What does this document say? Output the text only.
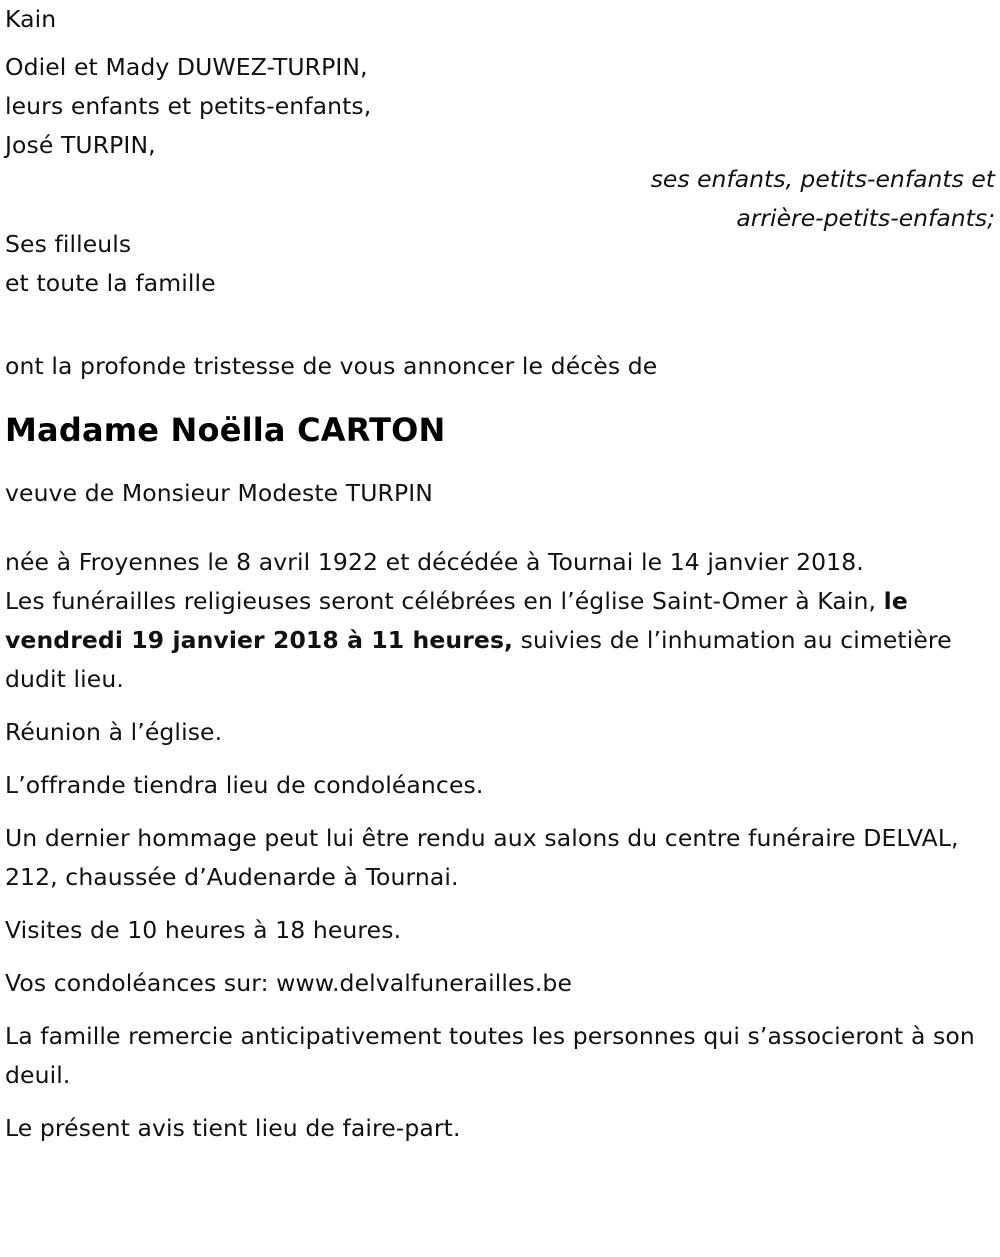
Kain
Odiel et Mady DUWEZ-TURPIN,
leurs enfants et petits-enfants,
José TURPIN,
Ses filleuls
et toute la famille
ont la profonde tristesse de vous annoncer le décès de
Madame Noëlla CARTON
veuve de Monsieur Modeste TURPIN
née à Froyennes le 8 avril 1922 et décédée à Tournai le 14 janvier 2018.
Les funérailles religieuses seront célébrées en l’église Saint-Omer à Kain, le vendredi 19 janvier 2018 à 11 heures, suivies de l’inhumation au cimetière dudit lieu.
Réunion à l’église.
L’offrande tiendra lieu de condoléances.
Un dernier hommage peut lui être rendu aux salons du centre funéraire DELVAL, 212, chaussée d’Audenarde à Tournai.
Visites de 10 heures à 18 heures.
Vos condoléances sur: www.delvalfunerailles.be
La famille remercie anticipativement toutes les personnes qui s’associeront à son deuil.
Le présent avis tient lieu de faire-part.
ses enfants, petits-enfants et arrière-petits-enfants;
